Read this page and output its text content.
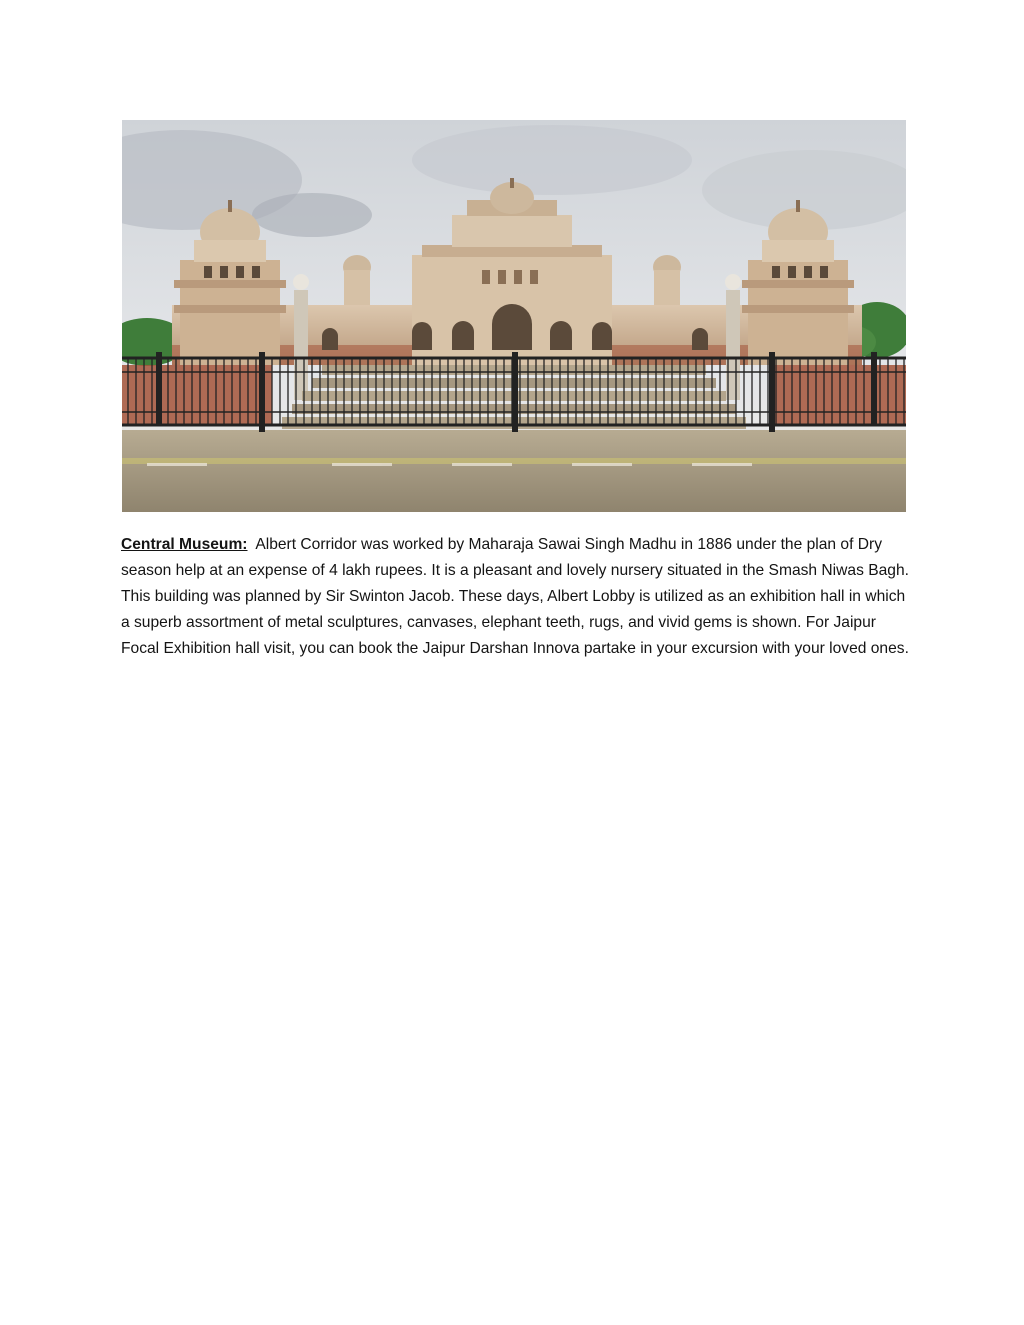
Central Museum: Albert Corridor was worked by Maharaja Sawai Singh Madhu in 1886 under the plan of Dry season help at an expense of 4 lakh rupees. It is a pleasant and lovely nursery situated in the Smash Niwas Bagh. This building was planned by Sir Swinton Jacob. These days, Albert Lobby is utilized as an exhibition hall in which a superb assortment of metal sculptures, canvases, elephant teeth, rugs, and vivid gems is shown. For Jaipur Focal Exhibition hall visit, you can book the Jaipur Darshan Innova partake in your excursion with your loved ones.
